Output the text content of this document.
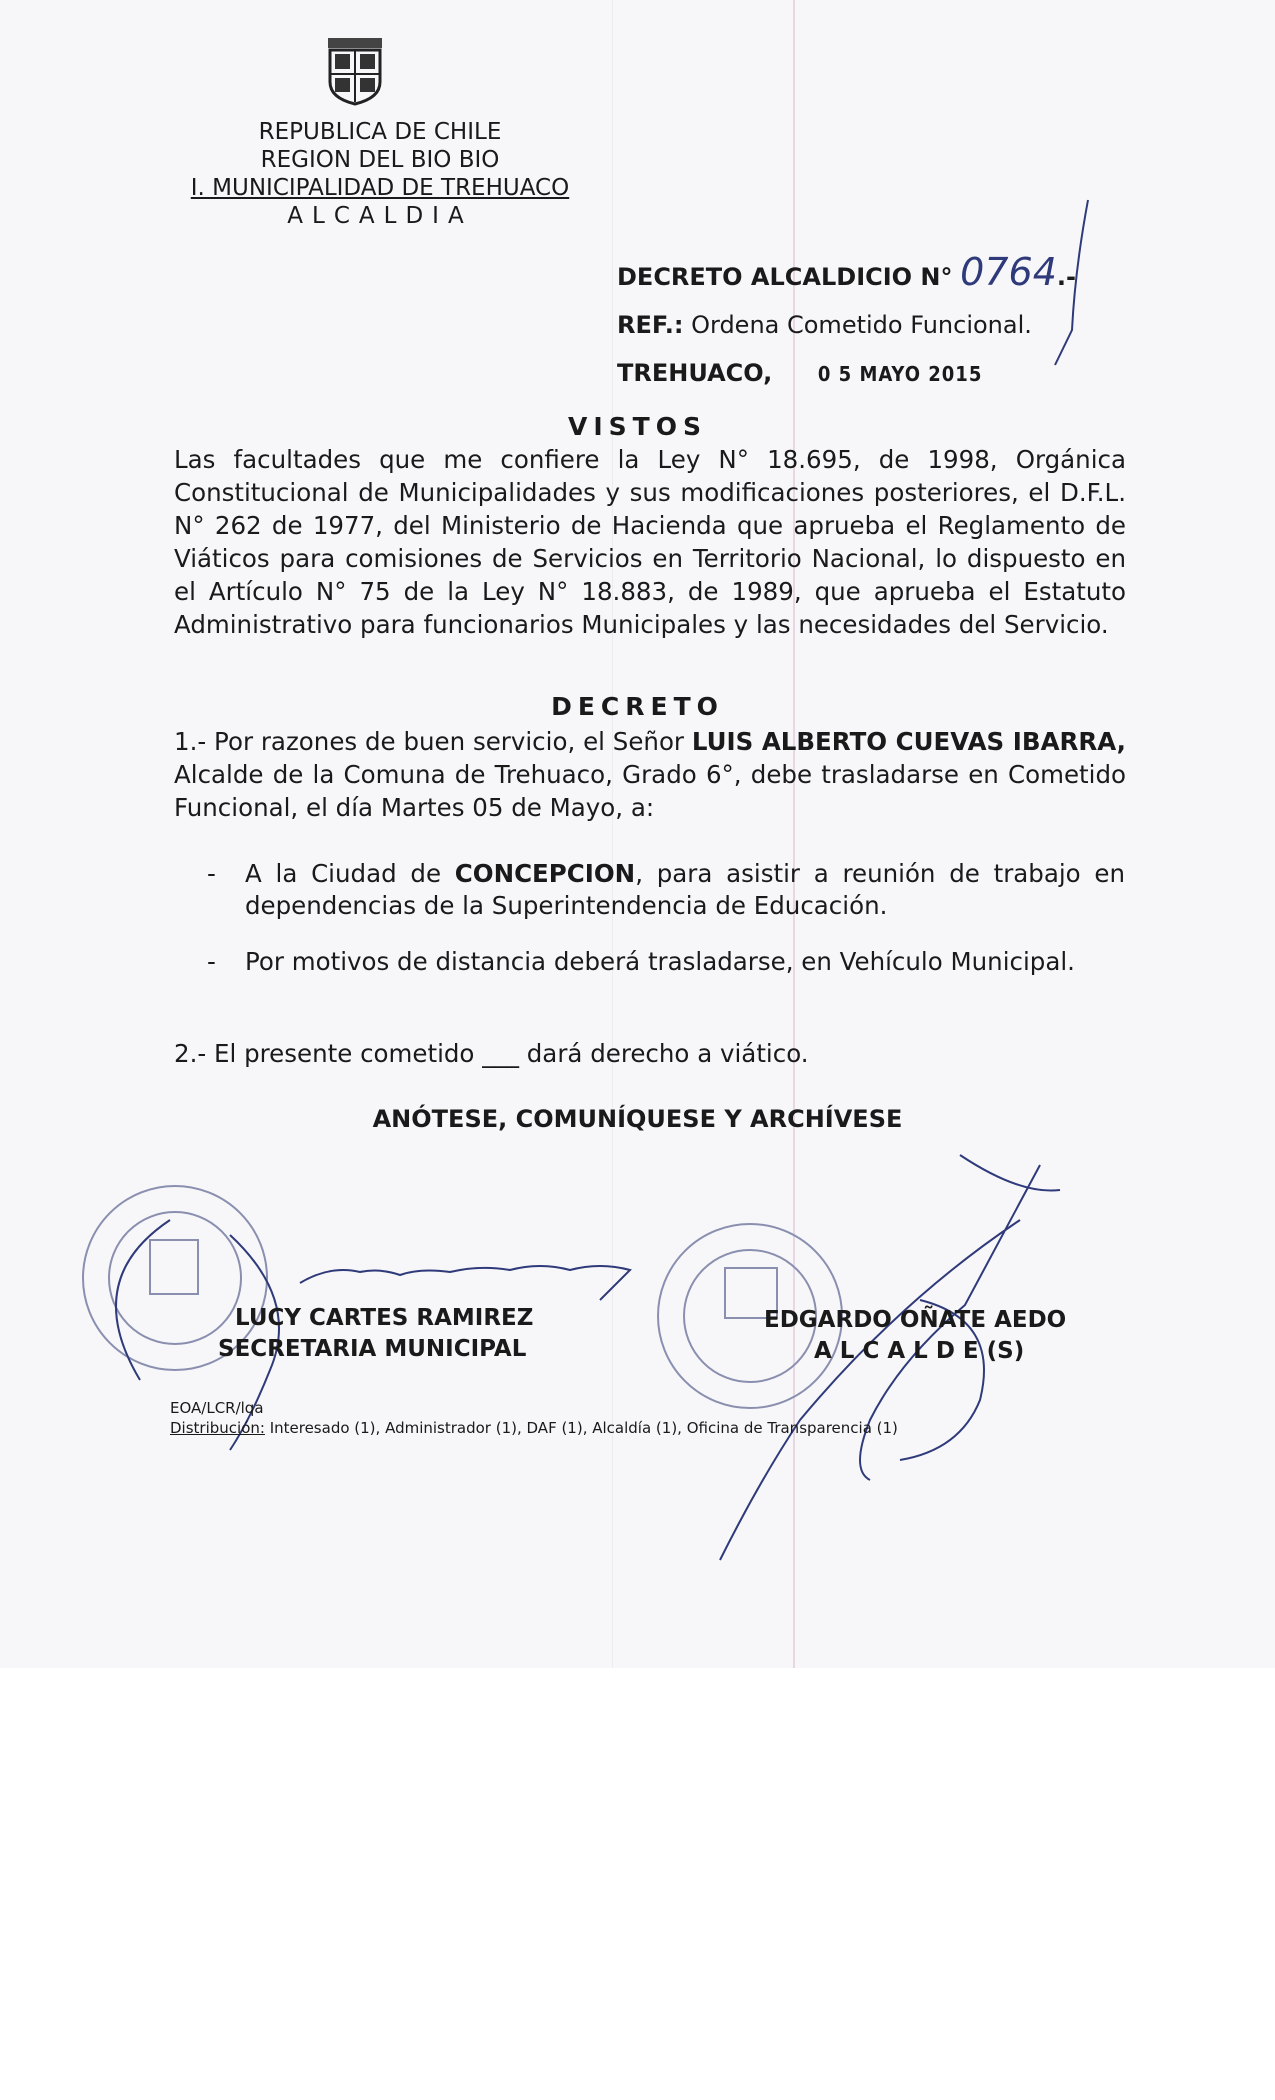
REPUBLICA DE CHILE
REGION DEL BIO BIO
I. MUNICIPALIDAD DE TREHUACO
ALCALDIA
DECRETO ALCALDICIO N° 0764.-
REF.: Ordena Cometido Funcional.
TREHUACO, 0 5 MAYO 2015
VISTOS
Las facultades que me confiere la Ley N° 18.695, de 1998, Orgánica Constitucional de Municipalidades y sus modificaciones posteriores, el D.F.L. N° 262 de 1977, del Ministerio de Hacienda que aprueba el Reglamento de Viáticos para comisiones de Servicios en Territorio Nacional, lo dispuesto en el Artículo N° 75 de la Ley N° 18.883, de 1989, que aprueba el Estatuto Administrativo para funcionarios Municipales y las necesidades del Servicio.
DECRETO
1.- Por razones de buen servicio, el Señor LUIS ALBERTO CUEVAS IBARRA, Alcalde de la Comuna de Trehuaco, Grado 6°, debe trasladarse en Cometido Funcional, el día Martes 05 de Mayo, a:
-	A la Ciudad de CONCEPCION, para asistir a reunión de trabajo en dependencias de la Superintendencia de Educación.
-	Por motivos de distancia deberá trasladarse, en Vehículo Municipal.
2.- El presente cometido ___ dará derecho a viático.
ANÓTESE, COMUNÍQUESE Y ARCHÍVESE
LUCY CARTES RAMIREZ
SECRETARIA MUNICIPAL
EDGARDO OÑATE AEDO
A L C A L D E (S)
EOA/LCR/lqa
Distribución: Interesado (1), Administrador (1), DAF (1), Alcaldía (1), Oficina de Transparencia (1)
